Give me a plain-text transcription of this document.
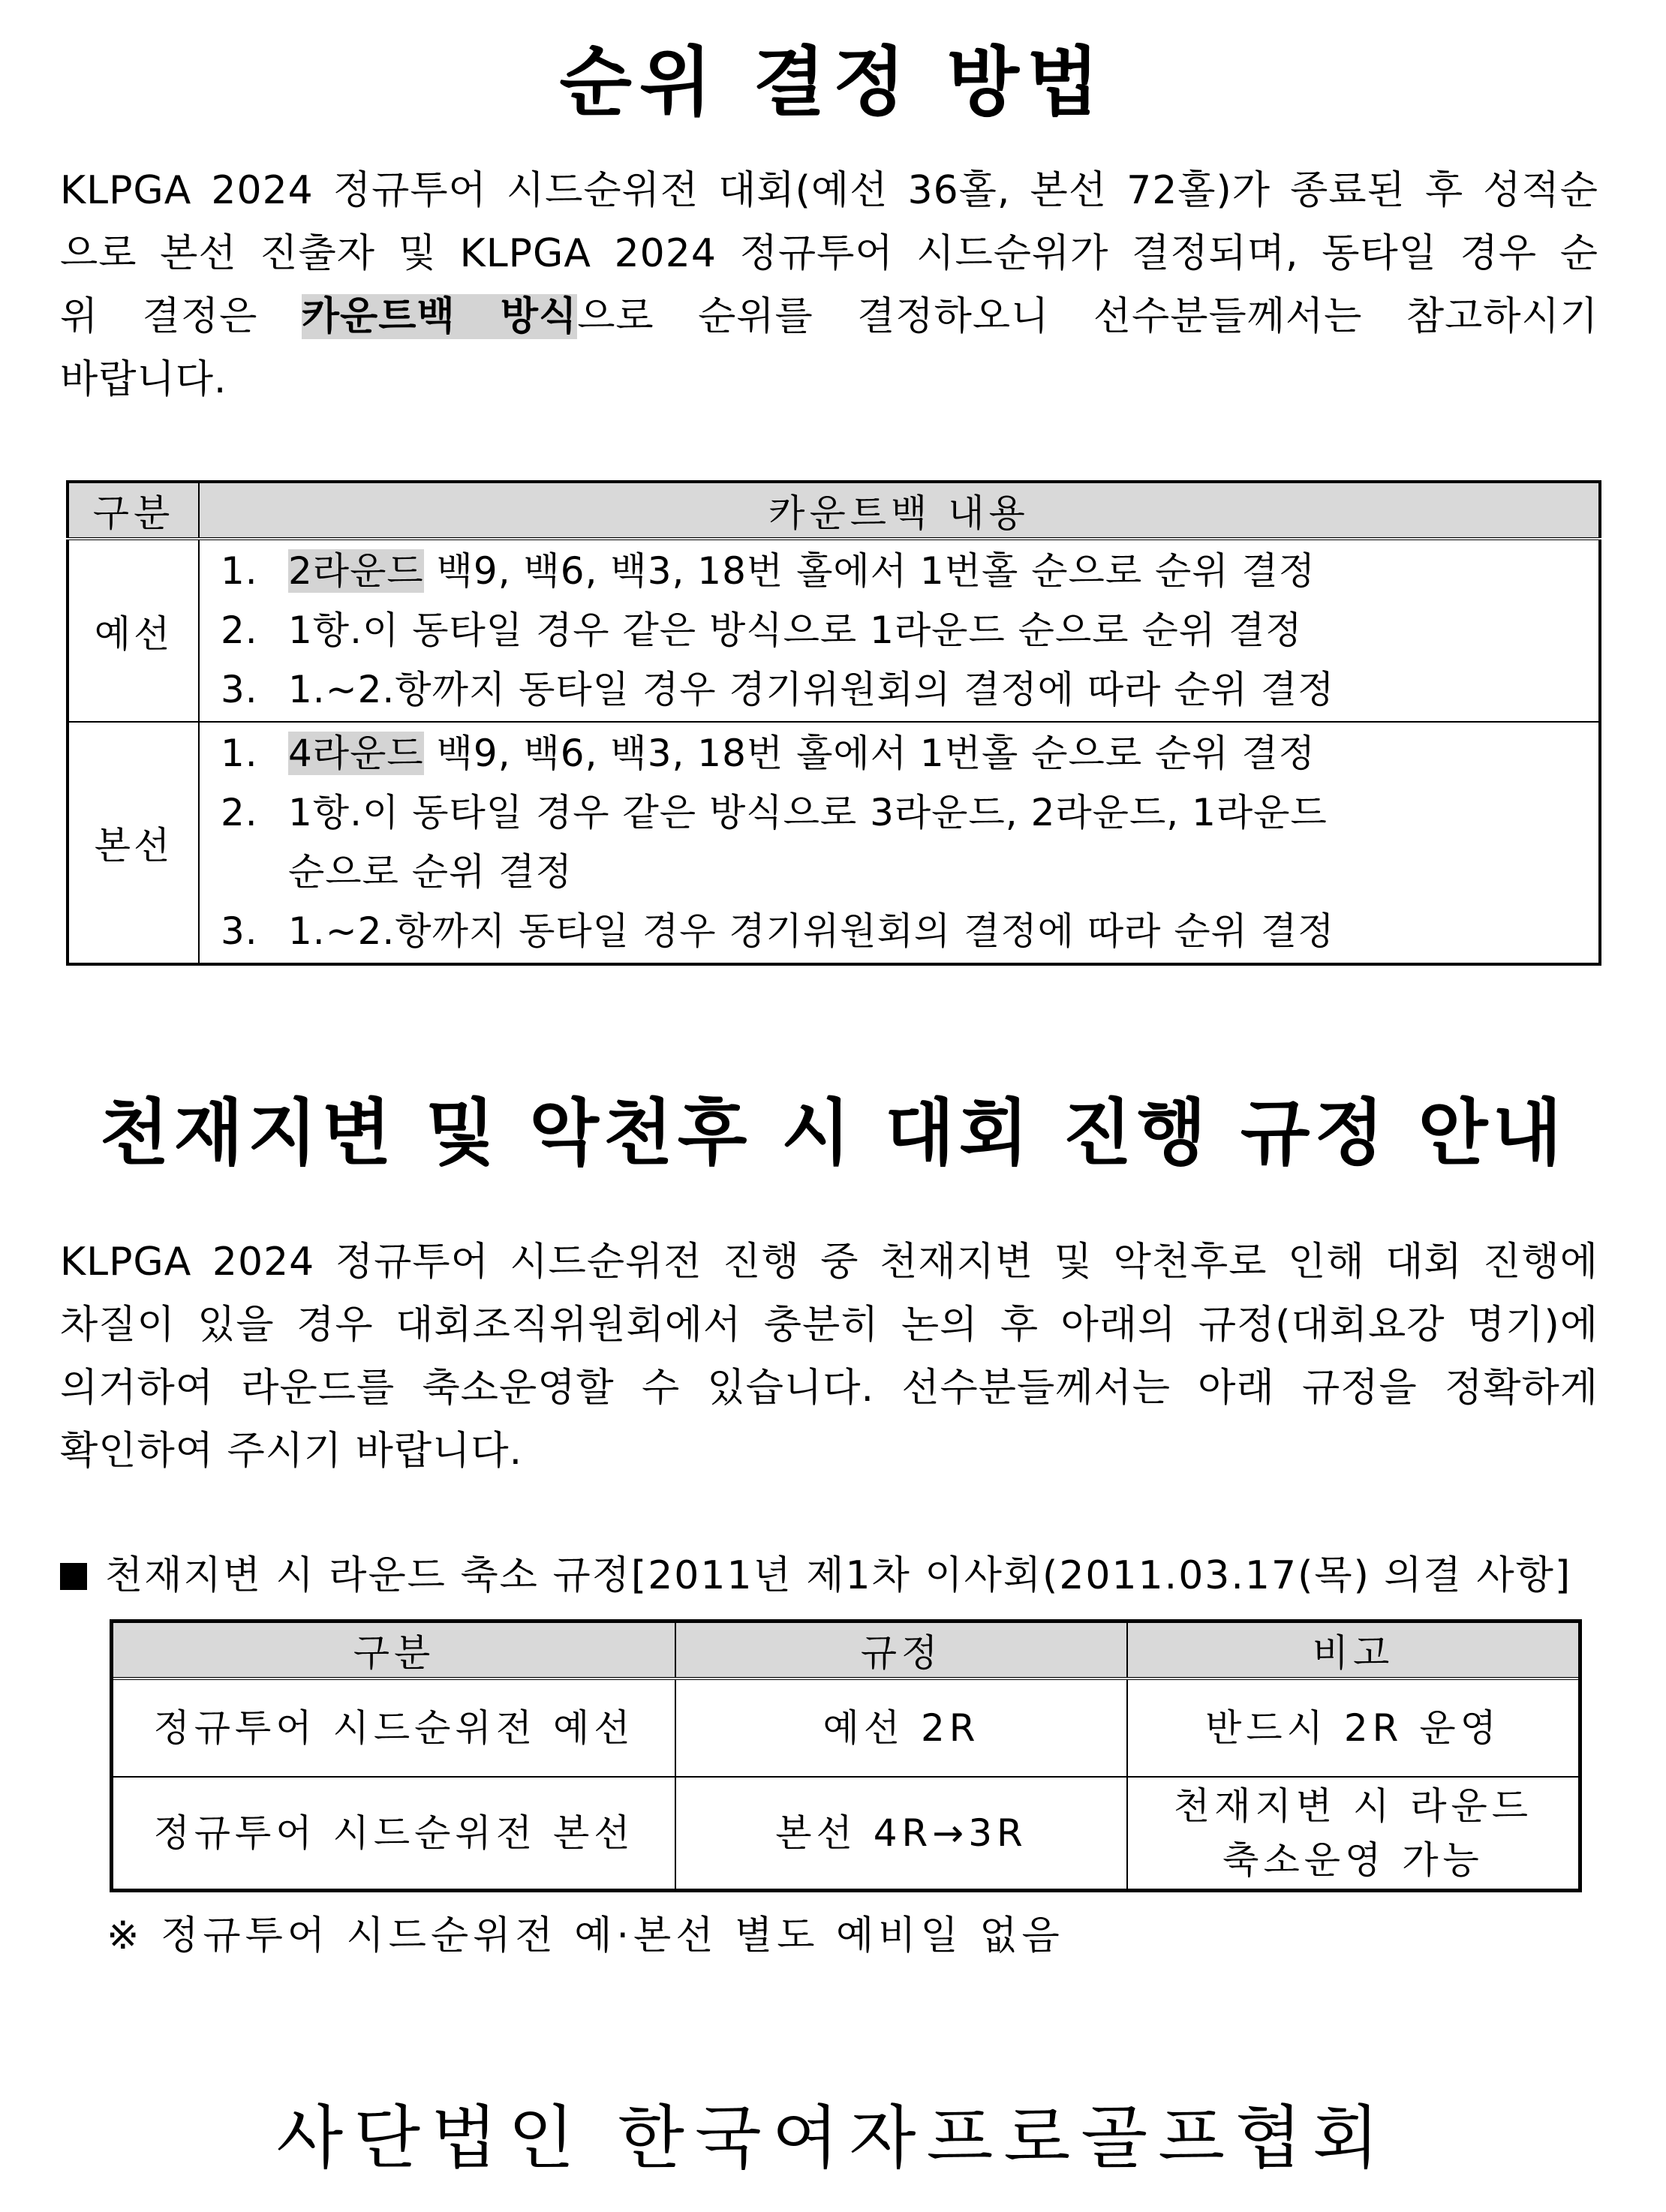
순위 결정 방법
KLPGA 2024 정규투어 시드순위전 대회(예선 36홀, 본선 72홀)가 종료된 후 성적순
으로 본선 진출자 및 KLPGA 2024 정규투어 시드순위가 결정되며, 동타일 경우 순
위 결정은 카운트백 방식으로 순위를 결정하오니 선수분들께서는 참고하시기
바랍니다.
구분	카운트백 내용
예선	1. 2라운드 백9, 백6, 백3, 18번 홀에서 1번홀 순으로 순위 결정
2. 1항.이 동타일 경우 같은 방식으로 1라운드 순으로 순위 결정
3. 1.~2.항까지 동타일 경우 경기위원회의 결정에 따라 순위 결정

본선	1. 4라운드 백9, 백6, 백3, 18번 홀에서 1번홀 순으로 순위 결정
2. 1항.이 동타일 경우 같은 방식으로 3라운드, 2라운드, 1라운드
순으로 순위 결정
3. 1.~2.항까지 동타일 경우 경기위원회의 결정에 따라 순위 결정
천재지변 및 악천후 시 대회 진행 규정 안내
KLPGA 2024 정규투어 시드순위전 진행 중 천재지변 및 악천후로 인해 대회 진행에
차질이 있을 경우 대회조직위원회에서 충분히 논의 후 아래의 규정(대회요강 명기)에
의거하여 라운드를 축소운영할 수 있습니다. 선수분들께서는 아래 규정을 정확하게
확인하여 주시기 바랍니다.
천재지변 시 라운드 축소 규정[2011년 제1차 이사회(2011.03.17(목) 의결 사항]
구분	규정	비고
정규투어 시드순위전 예선	예선 2R	반드시 2R 운영
정규투어 시드순위전 본선	본선 4R→3R	천재지변 시 라운드
축소운영 가능
※ 정규투어 시드순위전 예·본선 별도 예비일 없음
사단법인 한국여자프로골프협회
